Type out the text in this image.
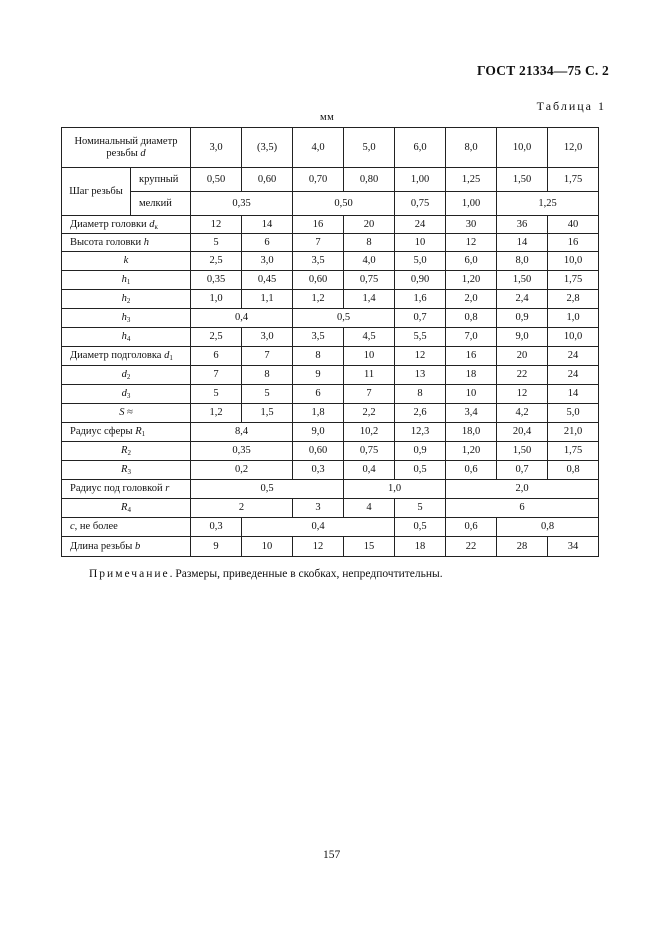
ГОСТ 21334—75 С. 2
Таблица 1
мм
Номинальный диаметр
резьбы d		3,0	(3,5)	4,0	5,0	6,0	8,0	10,0	12,0
Шаг резьбы	крупный	0,50	0,60	0,70	0,80	1,00	1,25	1,50	1,75
	мелкий	0,35		0,50		0,75	1,00	1,25	
Диаметр головки $d_к$		12	14	16	20	24	30	36	40
Высота головки h		5	6	7	8	10	12	14	16
k		2,5	3,0	3,5	4,0	5,0	6,0	8,0	10,0
$h_1$		0,35	0,45	0,60	0,75	0,90	1,20	1,50	1,75
$h_2$		1,0	1,1	1,2	1,4	1,6	2,0	2,4	2,8
$h_3$		0,4		0,5		0,7	0,8	0,9	1,0
$h_4$		2,5	3,0	3,5	4,5	5,5	7,0	9,0	10,0
Диаметр подголовка $d_1$		6	7	8	10	12	16	20	24
$d_2$		7	8	9	11	13	18	22	24
$d_3$		5	5	6	7	8	10	12	14
S ≈		1,2	1,5	1,8	2,2	2,6	3,4	4,2	5,0
Радиус сферы $R_1$		8,4		9,0	10,2	12,3	18,0	20,4	21,0
$R_2$		0,35		0,60	0,75	0,9	1,20	1,50	1,75
$R_3$		0,2		0,3	0,4	0,5	0,6	0,7	0,8
Радиус под головкой r		0,5			1,0		2,0		
$R_4$		2		3	4	5	6		
c, не более		0,3	0,4			0,5	0,6	0,8	
Длина резьбы b		9	10	12	15	18	22	28	34
Примечание. Размеры, приведенные в скобках, непредпочтительны.
157
